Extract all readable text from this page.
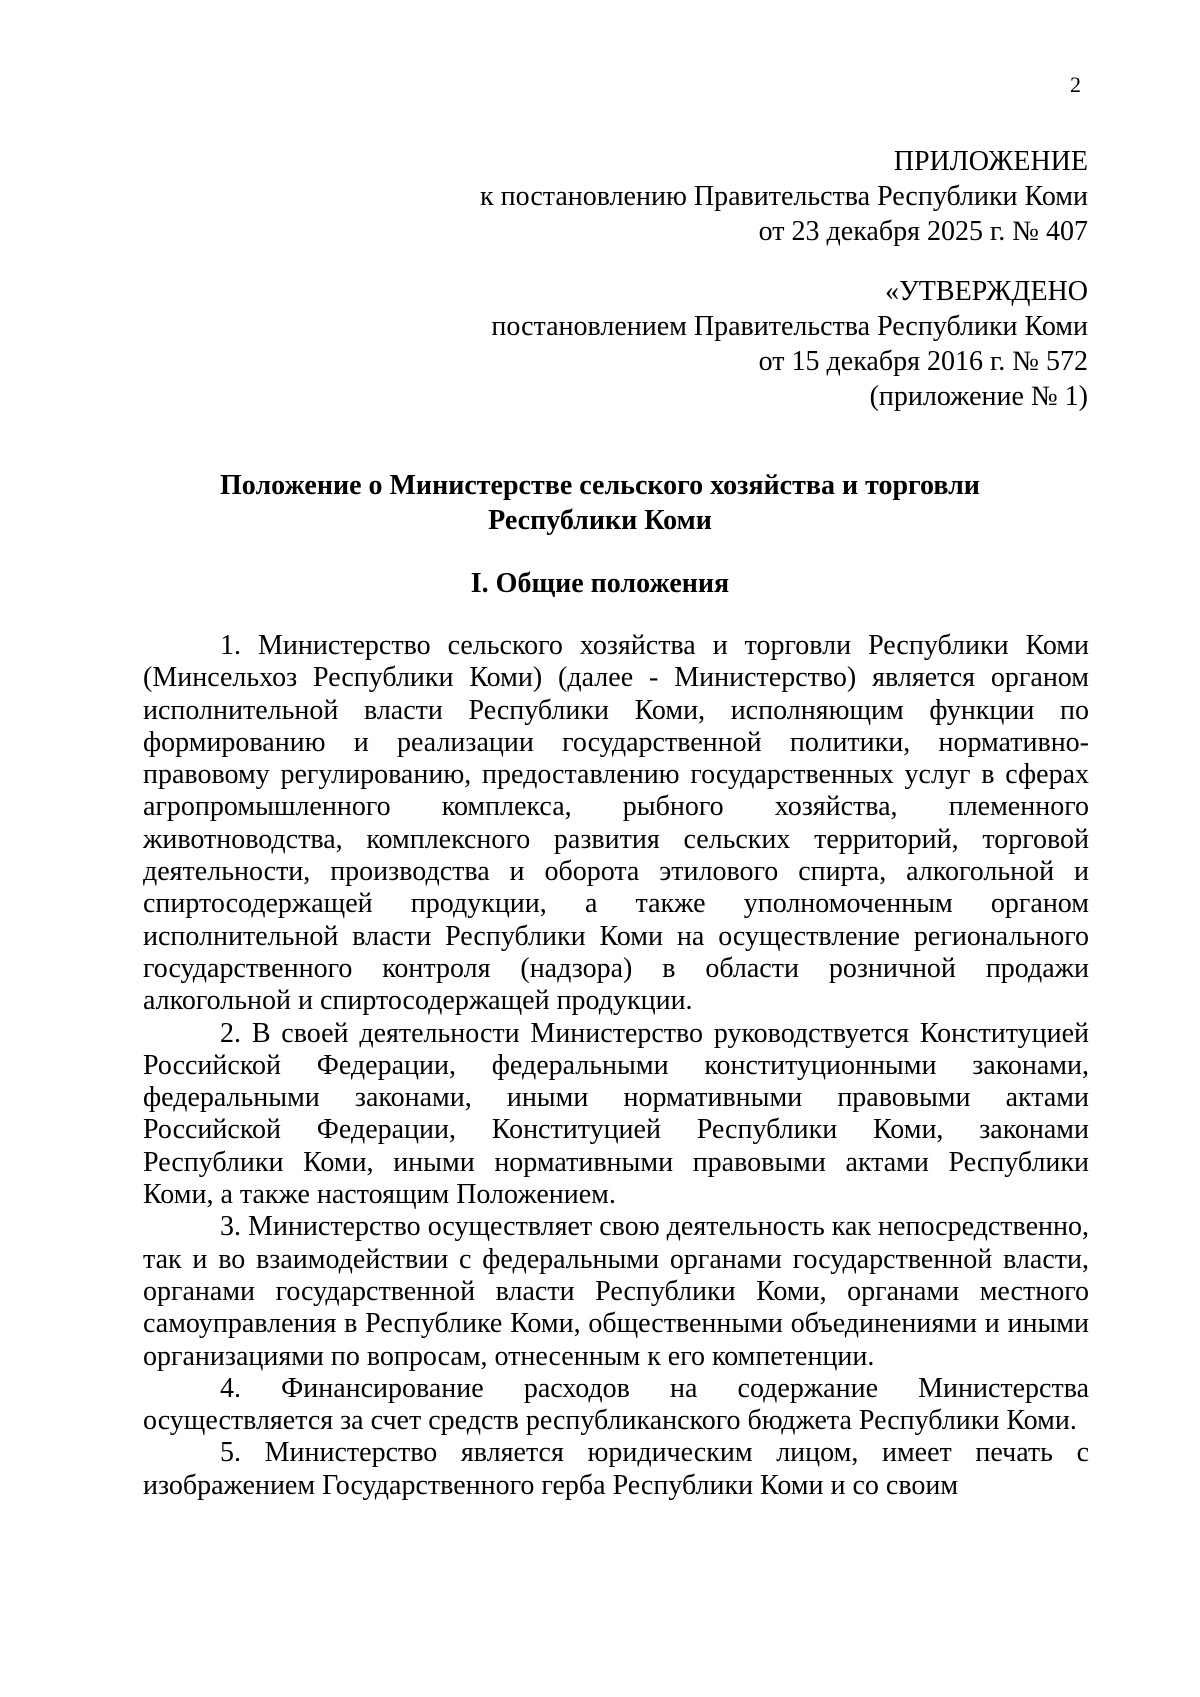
2
ПРИЛОЖЕНИЕ
к постановлению Правительства Республики Коми
от 23 декабря 2025 г. № 407
«УТВЕРЖДЕНО
постановлением Правительства Республики Коми
от 15 декабря 2016 г. № 572
(приложение № 1)
Положение о Министерстве сельского хозяйства и торговли
Республики Коми
I. Общие положения

1. Министерство сельского хозяйства и торговли Республики Коми (Минсельхоз Республики Коми) (далее - Министерство) является органом исполнительной власти Республики Коми, исполняющим функции по формированию и реализации государственной политики, нормативно-правовому регулированию, предоставлению государственных услуг в сферах агропромышленного комплекса, рыбного хозяйства, племенного животноводства, комплексного развития сельских территорий, торговой деятельности, производства и оборота этилового спирта, алкогольной и спиртосодержащей продукции, а также уполномоченным органом исполнительной власти Республики Коми на осуществление регионального государственного контроля (надзора) в области розничной продажи алкогольной и спиртосодержащей продукции.

2. В своей деятельности Министерство руководствуется Конституцией Российской Федерации, федеральными конституционными законами, федеральными законами, иными нормативными правовыми актами Российской Федерации, Конституцией Республики Коми, законами Республики Коми, иными нормативными правовыми актами Республики Коми, а также настоящим Положением.

3. Министерство осуществляет свою деятельность как непосредственно, так и во взаимодействии с федеральными органами государственной власти, органами государственной власти Республики Коми, органами местного самоуправления в Республике Коми, общественными объединениями и иными организациями по вопросам, отнесенным к его компетенции.

4. Финансирование расходов на содержание Министерства осуществляется за счет средств республиканского бюджета Республики Коми.

5. Министерство является юридическим лицом, имеет печать с изображением Государственного герба Республики Коми и со своим
